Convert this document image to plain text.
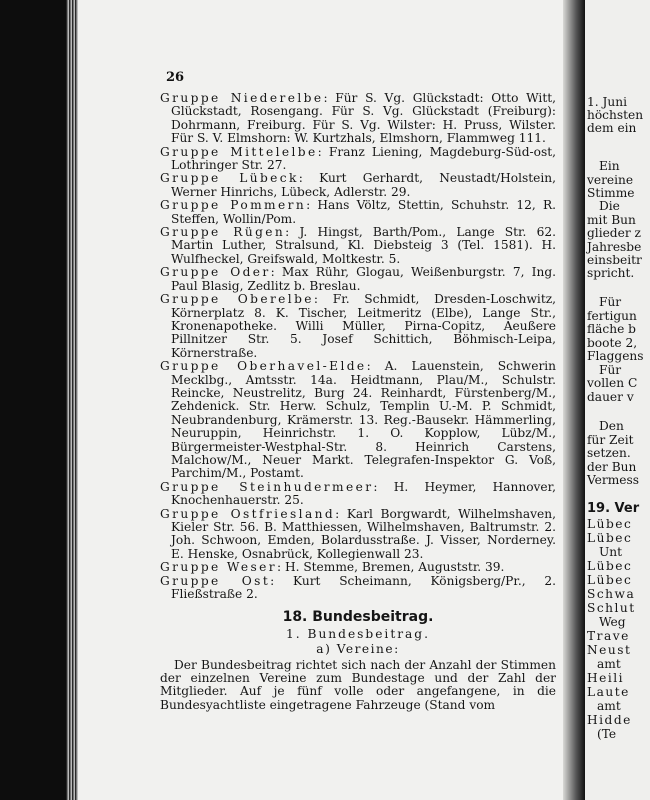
26

Gruppe Niederelbe: Für S. Vg. Glückstadt: Otto Witt, Glückstadt, Rosengang. Für S. Vg. Glückstadt (Freiburg): Dohrmann, Freiburg. Für S. Vg. Wilster: H. Pruss, Wilster. Für S. V. Elmshorn: W. Kurtzhals, Elmshorn, Flammweg 111.

Gruppe Mittelelbe: Franz Liening, Magdeburg-Süd-ost, Lothringer Str. 27.

Gruppe Lübeck: Kurt Gerhardt, Neustadt/Holstein, Werner Hinrichs, Lübeck, Adlerstr. 29.

Gruppe Pommern: Hans Völtz, Stettin, Schuhstr. 12, R. Steffen, Wollin/Pom.

Gruppe Rügen: J. Hingst, Barth/Pom., Lange Str. 62. Martin Luther, Stralsund, Kl. Diebsteig 3 (Tel. 1581). H. Wulfheckel, Greifswald, Moltkestr. 5.

Gruppe Oder: Max Rühr, Glogau, Weißenburgstr. 7, Ing. Paul Blasig, Zedlitz b. Breslau.

Gruppe Oberelbe: Fr. Schmidt, Dresden-Loschwitz, Körnerplatz 8. K. Tischer, Leitmeritz (Elbe), Lange Str., Kronenapotheke. Willi Müller, Pirna-Copitz, Aeußere Pillnitzer Str. 5. Josef Schittich, Böhmisch-Leipa, Körnerstraße.

Gruppe Oberhavel-Elde: A. Lauenstein, Schwerin Mecklbg., Amtsstr. 14a. Heidtmann, Plau/M., Schulstr. Reincke, Neustrelitz, Burg 24. Reinhardt, Fürstenberg/M., Zehdenick. Str. Herw. Schulz, Templin U.-M. P. Schmidt, Neubrandenburg, Krämerstr. 13. Reg.-Bausekr. Hämmerling, Neuruppin, Heinrichstr. 1. O. Kopplow, Lübz/M., Bürgermeister-Westphal-Str. 8. Heinrich Carstens, Malchow/M., Neuer Markt. Telegrafen-Inspektor G. Voß, Parchim/M., Postamt.

Gruppe Steinhudermeer: H. Heymer, Hannover, Knochenhauerstr. 25.

Gruppe Ostfriesland: Karl Borgwardt, Wilhelmshaven, Kieler Str. 56. B. Matthiessen, Wilhelmshaven, Baltrumstr. 2. Joh. Schwoon, Emden, Bolardusstraße. J. Visser, Norderney. E. Henske, Osnabrück, Kollegienwall 23.

Gruppe Weser: H. Stemme, Bremen, Auguststr. 39.

Gruppe Ost: Kurt Scheimann, Königsberg/Pr., 2. Fließstraße 2.

18. Bundesbeitrag.
1. Bundesbeitrag.
a) Vereine:

Der Bundesbeitrag richtet sich nach der Anzahl der Stimmen der einzelnen Vereine zum Bundestage und der Zahl der Mitglieder. Auf je fünf volle oder angefangene, in die Bundesyachtliste eingetragene Fahrzeuge (Stand vom

1. Juni
höchsten
dem ein
Ein
vereine
Stimme
Die
mit Bun
glieder z
Jahresbe
einsbeitr
spricht.
Für
fertigun
fläche b
boote 2,
Flaggens
Für
vollen C
dauer v
Den
für Zeit
setzen.
der Bun
Vermess
19. Ver
Lübec
Lübec
Unt
Lübec
Lübec
Schwa
Schlut
Weg
Trave
Neust
amt
Heili
Laute
amt
Hidde
(Te
